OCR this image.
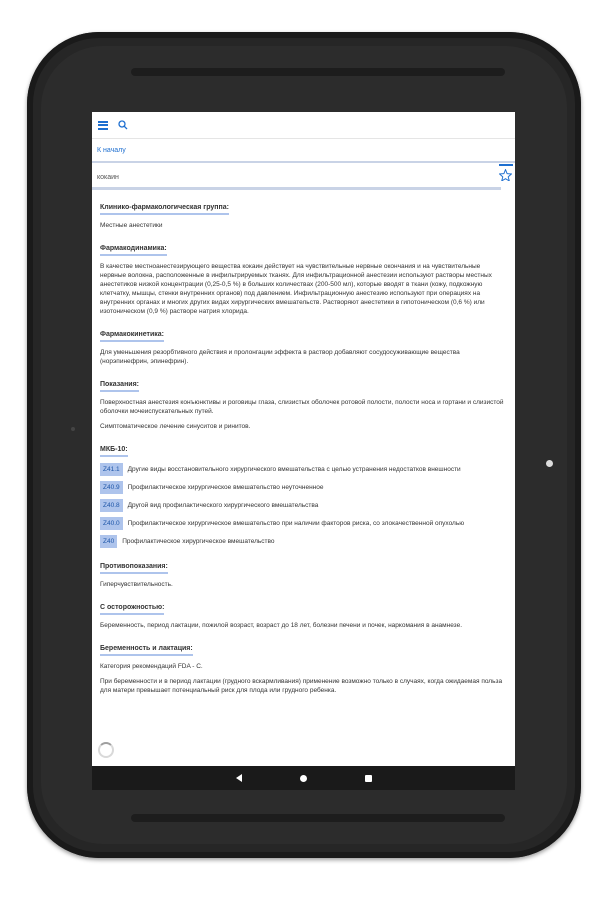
К началу
кокаин
Клинико-фармакологическая группа:

Местные анестетики

Фармакодинамика:

В качестве местноанестезирующего вещества кокаин действует на чувствительные нервные окончания и на чувствительные нервные волокна, расположенные в инфильтрируемых тканях. Для инфильтрационной анестезии используют растворы местных анестетиков низкой концентрации (0,25-0,5 %) в больших количествах (200-500 мл), которые вводят в ткани (кожу, подкожную клетчатку, мышцы, стенки внутренних органов) под давлением. Инфильтрационную анестезию используют при операциях на внутренних органах и многих других видах хирургических вмешательств. Растворяют анестетики в гипотоническом (0,6 %) или изотоническом (0,9 %) растворе натрия хлорида.

Фармакокинетика:

Для уменьшения резорбтивного действия и пролонгации эффекта в раствор добавляют сосудосуживающие вещества (норэпинефрин, эпинефрин).

Показания:

Поверхностная анестезия конъюнктивы и роговицы глаза, слизистых оболочек ротовой полости, полости носа и гортани и слизистой оболочки мочеиспускательных путей.

Симптоматическое лечение синуситов и ринитов.

МКБ-10:
Z41.1	Другие виды восстановительного хирургического вмешательства с целью устранения недостатков внешности
Z40.9	Профилактическое хирургическое вмешательство неуточненное
Z40.8	Другой вид профилактического хирургического вмешательства
Z40.0	Профилактическое хирургическое вмешательство при наличии факторов риска, со злокачественной опухолью
Z40	Профилактическое хирургическое вмешательство
Противопоказания:

Гиперчувствительность.

С осторожностью:

Беременность, период лактации, пожилой возраст, возраст до 18 лет, болезни печени и почек, наркомания в анамнезе.

Беременность и лактация:

Категория рекомендаций FDA - C.

При беременности и в период лактации (грудного вскармливания) применение возможно только в случаях, когда ожидаемая польза для матери превышает потенциальный риск для плода или грудного ребенка.
